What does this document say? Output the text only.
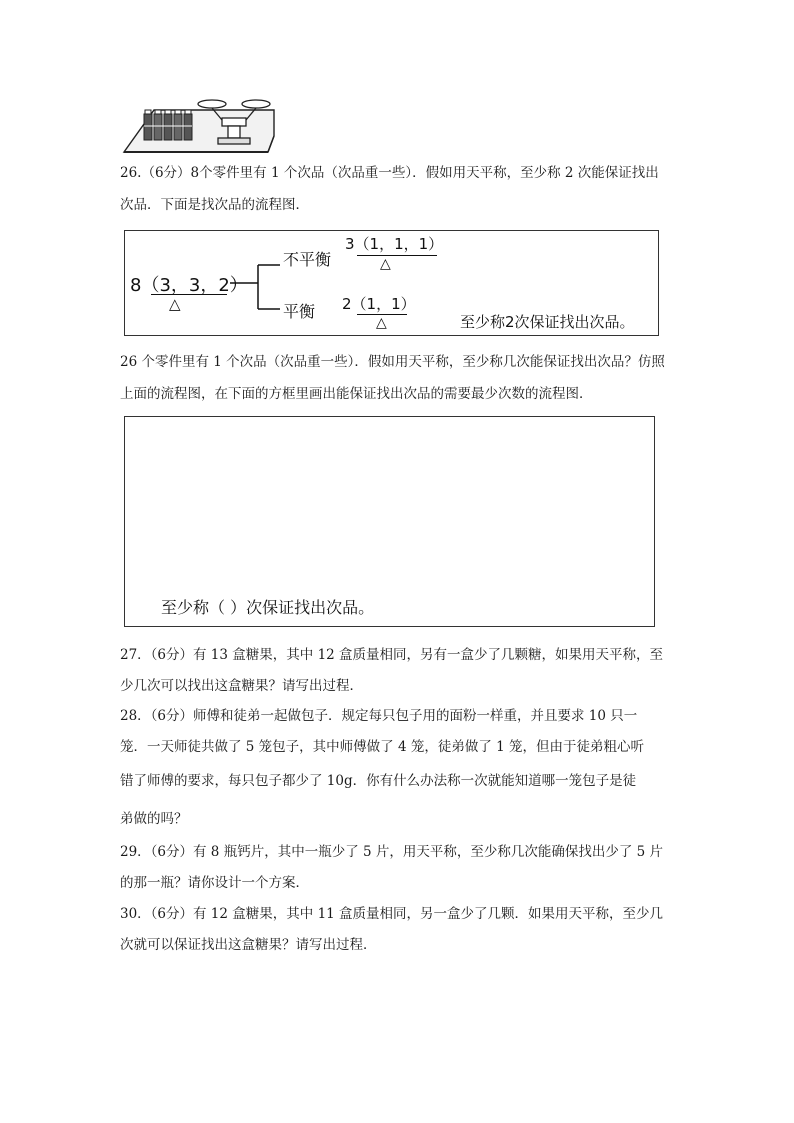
26.（6分）8个零件里有 1 个次品（次品重一些）．假如用天平称，至少称 2 次能保证找出
次品．下面是找次品的流程图．
8（3，3，2）
△
不平衡
3（1，1，1）
△
平衡 2（1，1）
△	至少称2次保证找出次品。
26 个零件里有 1 个次品（次品重一些）．假如用天平称，至少称几次能保证找出次品？仿照
上面的流程图，在下面的方框里画出能保证找出次品的需要最少次数的流程图．
至少称（ ）次保证找出次品。
27．（6分）有 13 盒糖果，其中 12 盒质量相同，另有一盒少了几颗糖，如果用天平称，至
少几次可以找出这盒糖果？请写出过程．
28．（6分）师傅和徒弟一起做包子．规定每只包子用的面粉一样重，并且要求 10 只一
笼．一天师徒共做了 5 笼包子，其中师傅做了 4 笼，徒弟做了 1 笼，但由于徒弟粗心听
错了师傅的要求，每只包子都少了 10g．你有什么办法称一次就能知道哪一笼包子是徒
弟做的吗？
29．（6分）有 8 瓶钙片，其中一瓶少了 5 片，用天平称，至少称几次能确保找出少了 5 片
的那一瓶？请你设计一个方案．
30．（6分）有 12 盒糖果，其中 11 盒质量相同，另一盒少了几颗．如果用天平称，至少几
次就可以保证找出这盒糖果？请写出过程．
